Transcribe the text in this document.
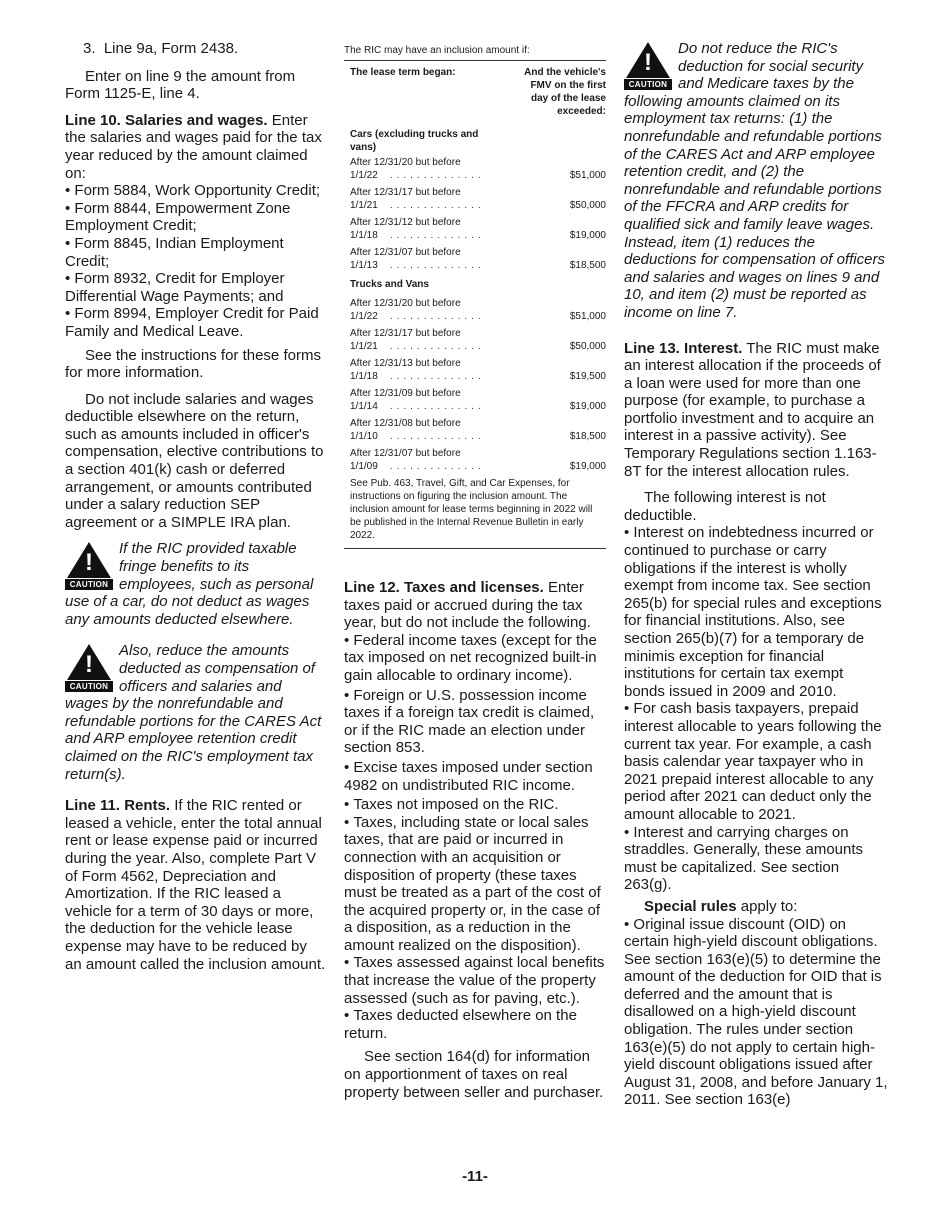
3.  Line 9a, Form 2438.

Enter on line 9 the amount from Form 1125-E, line 4.

Line 10. Salaries and wages. Enter the salaries and wages paid for the tax year reduced by the amount claimed on:

• Form 5884, Work Opportunity Credit;
• Form 8844, Empowerment Zone Employment Credit;
• Form 8845, Indian Employment Credit;
• Form 8932, Credit for Employer Differential Wage Payments; and
• Form 8994, Employer Credit for Paid Family and Medical Leave.

See the instructions for these forms for more information.

Do not include salaries and wages deductible elsewhere on the return, such as amounts included in officer's compensation, elective contributions to a section 401(k) cash or deferred arrangement, or amounts contributed under a salary reduction SEP agreement or a SIMPLE IRA plan.

!
CAUTION
If the RIC provided taxable fringe benefits to its employees, such as personal use of a car, do not deduct as wages any amounts deducted elsewhere.
!
CAUTION
Also, reduce the amounts deducted as compensation of officers and salaries and wages by the nonrefundable and refundable portions for the CARES Act and ARP employee retention credit claimed on the RIC's employment tax return(s).

Line 11. Rents. If the RIC rented or leased a vehicle, enter the total annual rent or lease expense paid or incurred during the year. Also, complete Part V of Form 4562, Depreciation and Amortization. If the RIC leased a vehicle for a term of 30 days or more, the deduction for the vehicle lease expense may have to be reduced by an amount called the inclusion amount.

The RIC may have an inclusion amount if:
The lease term began:	And the vehicle's FMV on the first day of the lease exceeded:
Cars (excluding trucks and vans)
After 12/31/20 but before
1/1/22 ..............	$51,000
After 12/31/17 but before
1/1/21 ..............	$50,000
After 12/31/12 but before
1/1/18 ..............	$19,000
After 12/31/07 but before
1/1/13 ..............	$18,500
Trucks and Vans
After 12/31/20 but before
1/1/22 ..............	$51,000
After 12/31/17 but before
1/1/21 ..............	$50,000
After 12/31/13 but before
1/1/18 ..............	$19,500
After 12/31/09 but before
1/1/14 ..............	$19,000
After 12/31/08 but before
1/1/10 ..............	$18,500
After 12/31/07 but before
1/1/09 ..............	$19,000
See Pub. 463, Travel, Gift, and Car Expenses, for instructions on figuring the inclusion amount. The inclusion amount for lease terms beginning in 2022 will be published in the Internal Revenue Bulletin in early 2022.

Line 12. Taxes and licenses. Enter taxes paid or accrued during the tax year, but do not include the following.

• Federal income taxes (except for the tax imposed on net recognized built-in gain allocable to ordinary income).
• Foreign or U.S. possession income taxes if a foreign tax credit is claimed, or if the RIC made an election under section 853.
• Excise taxes imposed under section 4982 on undistributed RIC income.
• Taxes not imposed on the RIC.
• Taxes, including state or local sales taxes, that are paid or incurred in connection with an acquisition or disposition of property (these taxes must be treated as a part of the cost of the acquired property or, in the case of a disposition, as a reduction in the amount realized on the disposition).
• Taxes assessed against local benefits that increase the value of the property assessed (such as for paving, etc.).
• Taxes deducted elsewhere on the return.

See section 164(d) for information on apportionment of taxes on real property between seller and purchaser.

!
CAUTION
Do not reduce the RIC's deduction for social security and Medicare taxes by the following amounts claimed on its employment tax returns: (1) the nonrefundable and refundable portions of the CARES Act and ARP employee retention credit, and (2) the nonrefundable and refundable portions of the FFCRA and ARP credits for qualified sick and family leave wages. Instead, item (1) reduces the deductions for compensation of officers and salaries and wages on lines 9 and 10, and item (2) must be reported as income on line 7.

Line 13. Interest. The RIC must make an interest allocation if the proceeds of a loan were used for more than one purpose (for example, to purchase a portfolio investment and to acquire an interest in a passive activity). See Temporary Regulations section 1.163-8T for the interest allocation rules.

The following interest is not deductible.

• Interest on indebtedness incurred or continued to purchase or carry obligations if the interest is wholly exempt from income tax. See section 265(b) for special rules and exceptions for financial institutions. Also, see section 265(b)(7) for a temporary de minimis exception for financial institutions for certain tax exempt bonds issued in 2009 and 2010.
• For cash basis taxpayers, prepaid interest allocable to years following the current tax year. For example, a cash basis calendar year taxpayer who in 2021 prepaid interest allocable to any period after 2021 can deduct only the amount allocable to 2021.
• Interest and carrying charges on straddles. Generally, these amounts must be capitalized. See section 263(g).

Special rules apply to:

• Original issue discount (OID) on certain high-yield discount obligations. See section 163(e)(5) to determine the amount of the deduction for OID that is deferred and the amount that is disallowed on a high-yield discount obligation. The rules under section 163(e)(5) do not apply to certain high-yield discount obligations issued after August 31, 2008, and before January 1, 2011. See section 163(e)
-11-
